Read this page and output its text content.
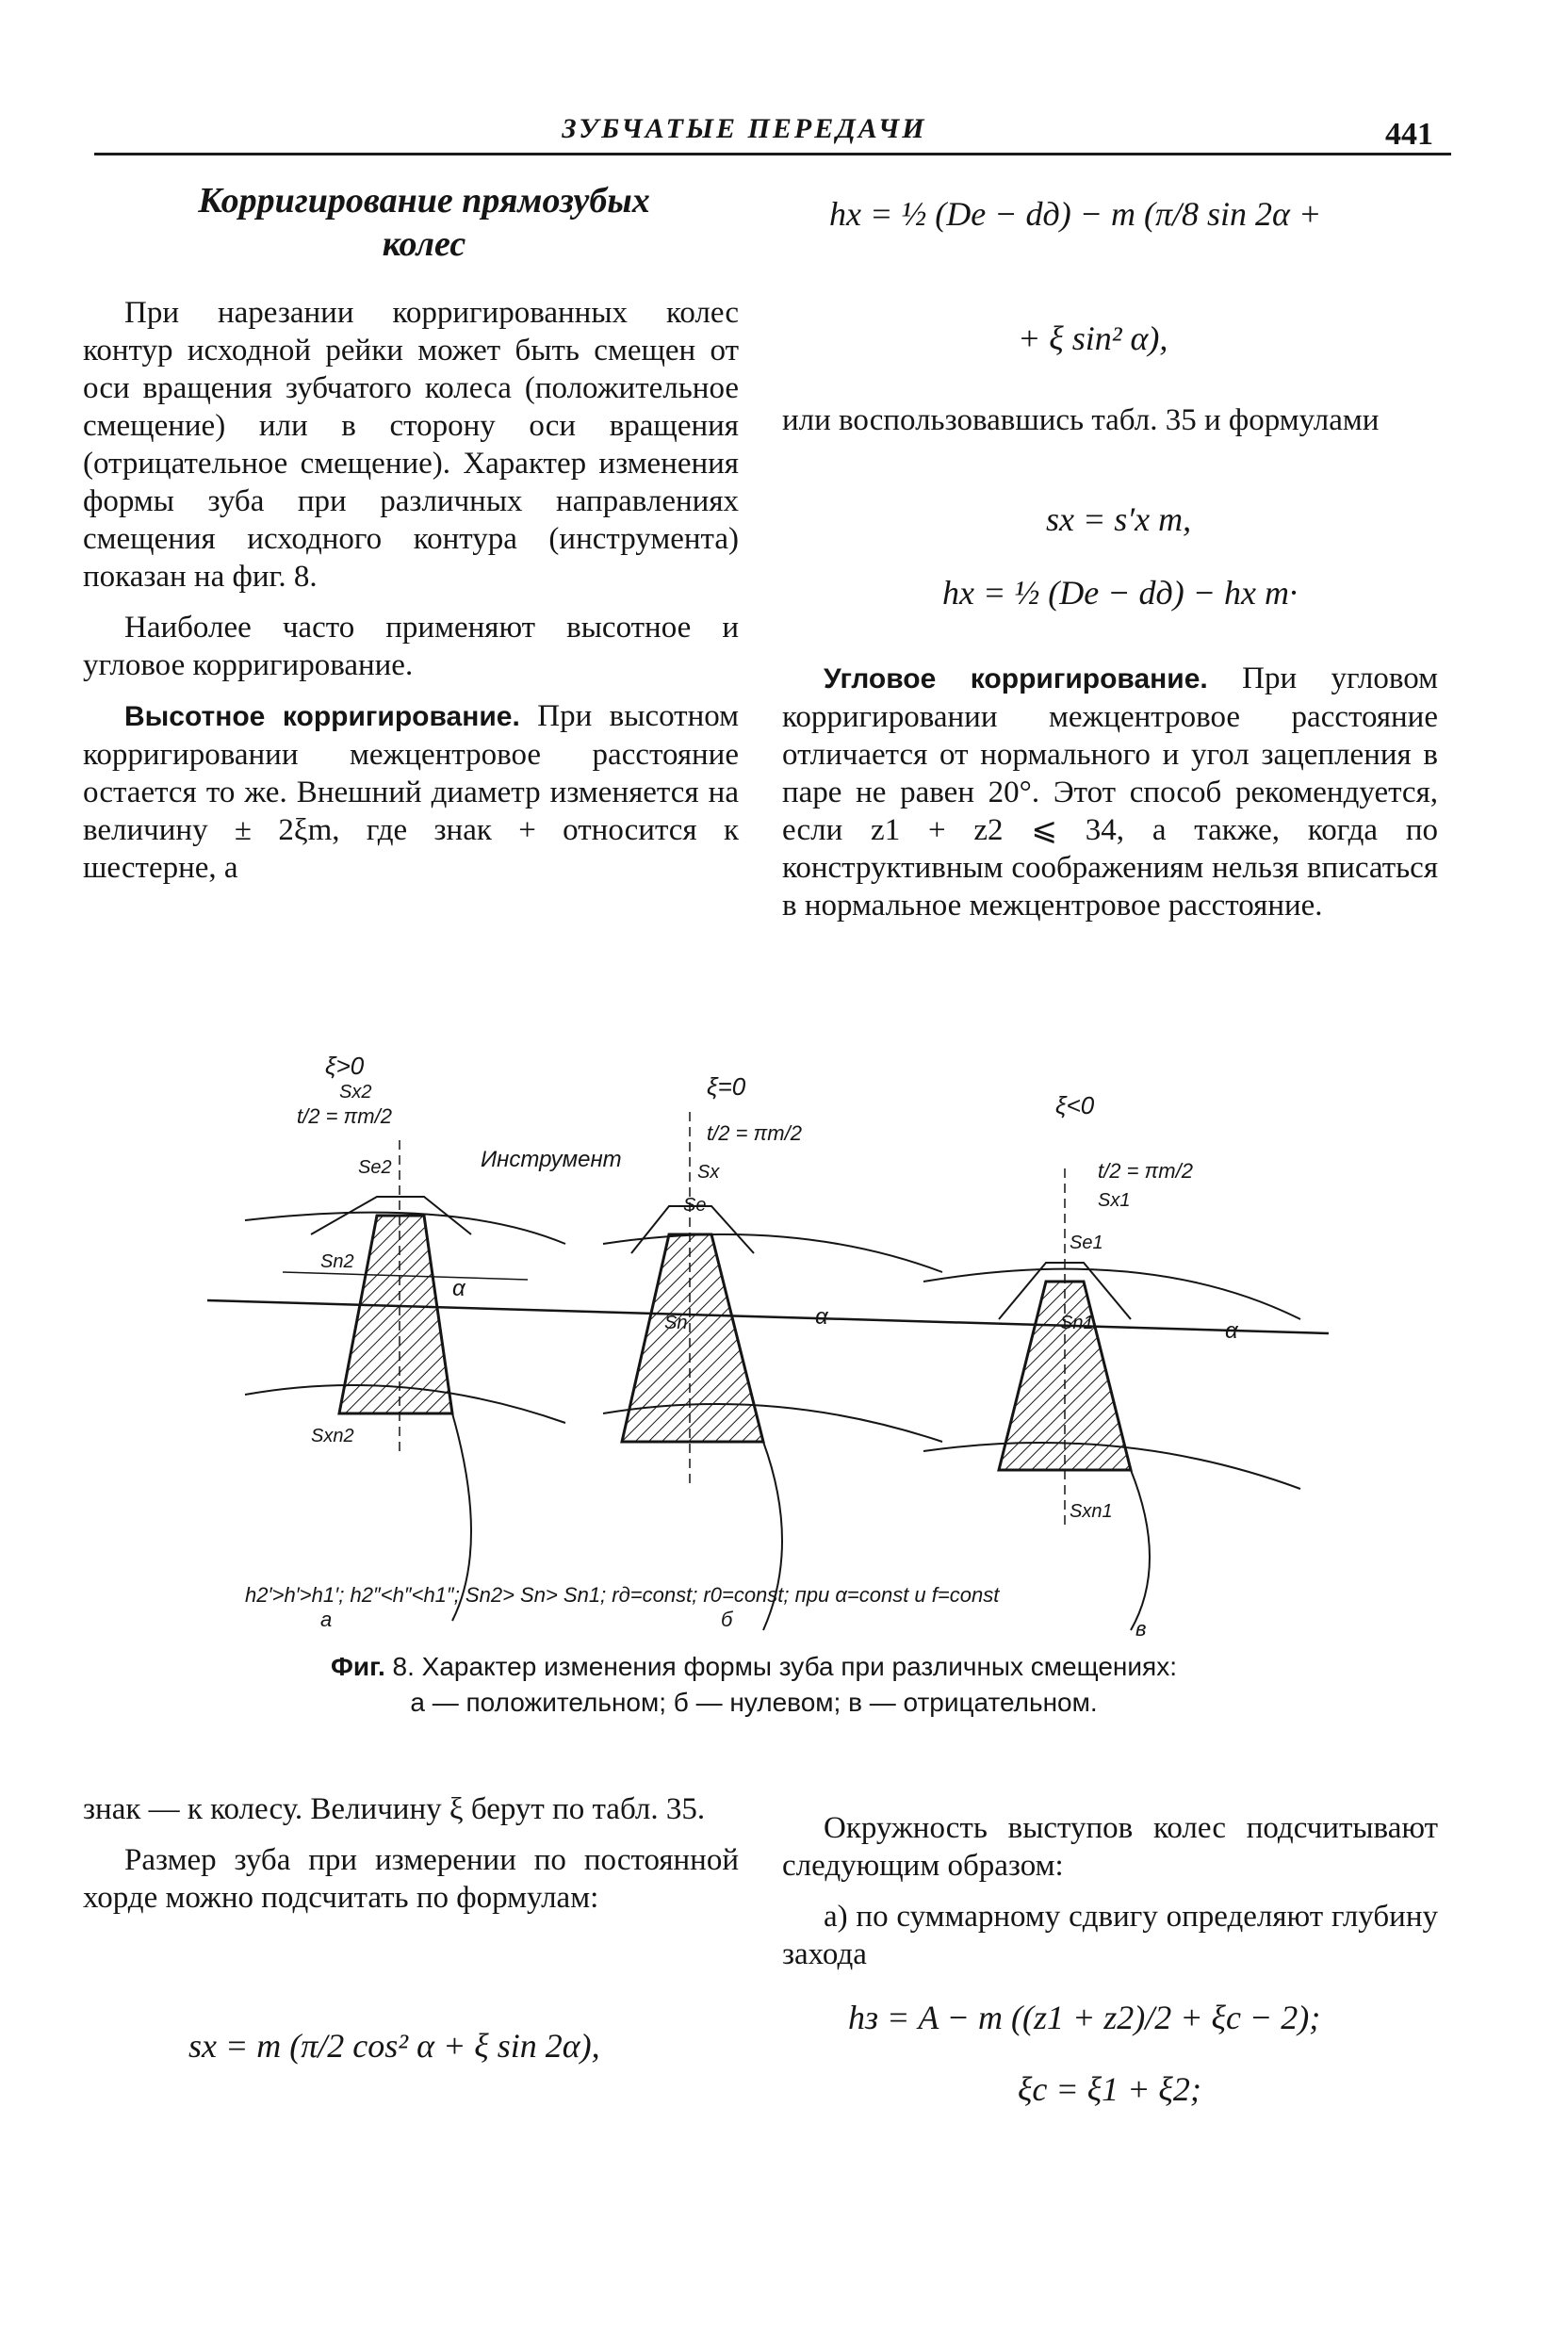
ЗУБЧАТЫЕ ПЕРЕДАЧИ	441
Корригирование прямозубых
колес

При нарезании корригированных колес контур исходной рейки может быть смещен от оси вращения зубчатого колеса (положительное смещение) или в сторону оси вращения (отрицательное смещение). Характер изменения формы зуба при различных направлениях смещения исходного контура (инструмента) показан на фиг. 8.

Наиболее часто применяют высотное и угловое корригирование.

Высотное корригирование. При высотном корригировании межцентровое расстояние остается то же. Внешний диаметр изменяется на величину ± 2ξm, где знак + относится к шестерне, а

hx = ½ (De − dд) − m (π/8 sin 2α +
+ ξ sin² α),

или воспользовавшись табл. 35 и формулами

sx = s′x m,
hx = ½ (De − dд) − hx m·

Угловое корригирование. При угловом корригировании межцентровое расстояние отличается от нормального и угол зацепления в паре не равен 20°. Этот способ рекомендуется, если z1 + z2 ⩽ 34, а также, когда по конструктивным соображениям нельзя вписаться в нормальное межцентровое расстояние.

ξ>0
ξ=0
ξ<0
Инструмент
t/2 = πm/2
t/2 = πm/2
t/2 = πm/2
Sx2
Se2
Sn2
Sxn2
Sx
Se
Sn
Sx1
Se1
Sn1
Sxn1
α
α
α
h2′>h′>h1′; h2″<h″<h1″; Sn2> Sn> Sn1; rд=const; r0=const; при α=const и f=const
а	б	в
Фиг. 8. Характер изменения формы зуба при различных смещениях:
а — положительном; б — нулевом; в — отрицательном.

знак — к колесу. Величину ξ берут по табл. 35.

Размер зуба при измерении по постоянной хорде можно подсчитать по формулам:

sx = m (π/2 cos² α + ξ sin 2α),

Окружность выступов колес подсчитывают следующим образом:

а) по суммарному сдвигу определяют глубину захода

hз = A − m ((z1 + z2)/2 + ξc − 2);
ξc = ξ1 + ξ2;
